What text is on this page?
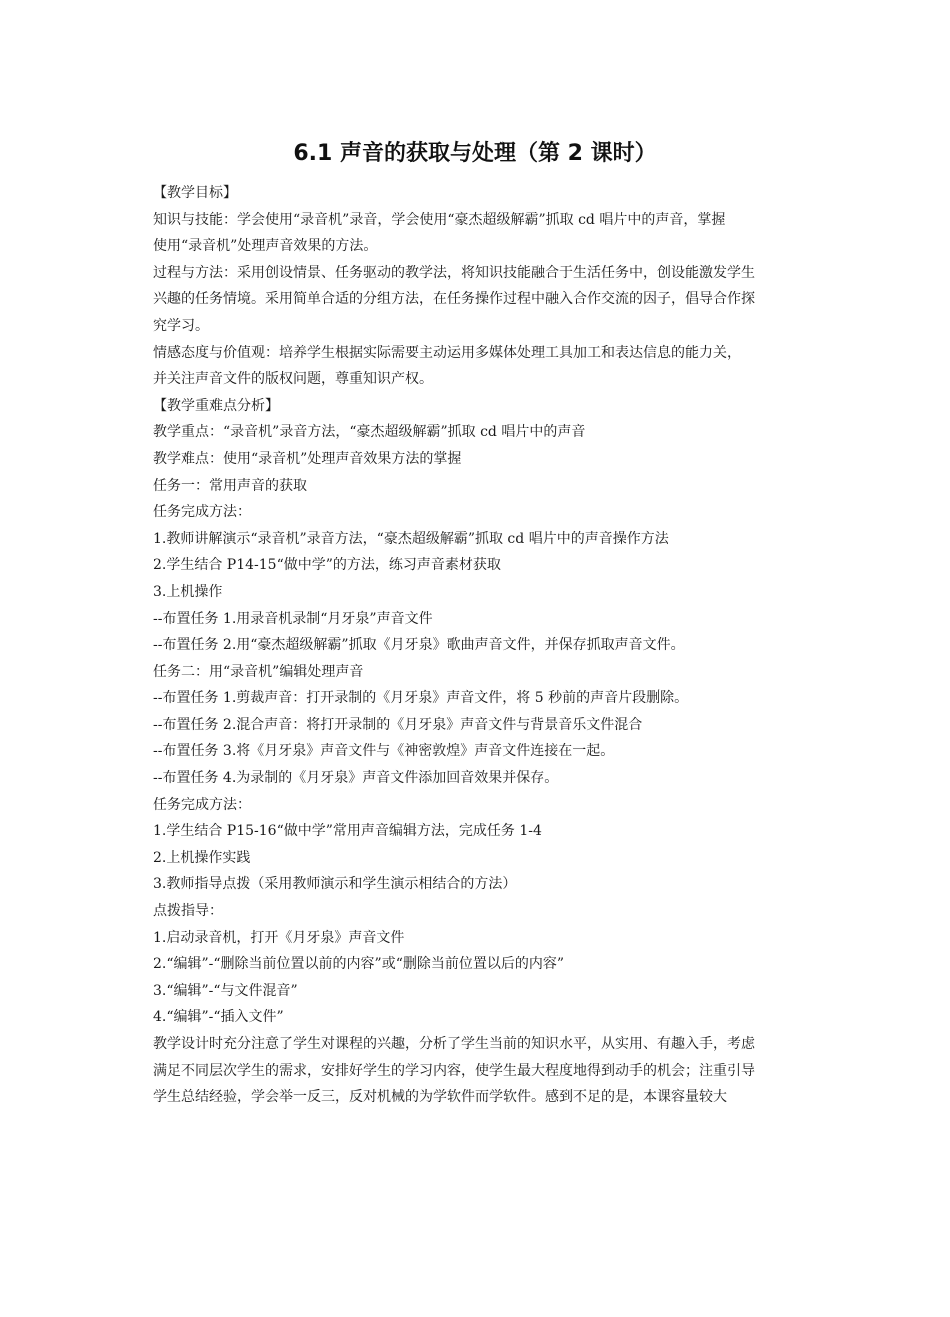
6.1 声音的获取与处理（第 2 课时）
【教学目标】
知识与技能：学会使用“录音机”录音，学会使用“豪杰超级解霸”抓取 cd 唱片中的声音，掌握
使用“录音机”处理声音效果的方法。
过程与方法：采用创设情景、任务驱动的教学法，将知识技能融合于生活任务中，创设能激发学生
兴趣的任务情境。采用简单合适的分组方法，在任务操作过程中融入合作交流的因子，倡导合作探
究学习。
情感态度与价值观：培养学生根据实际需要主动运用多媒体处理工具加工和表达信息的能力关，
并关注声音文件的版权问题，尊重知识产权。
【教学重难点分析】
教学重点：“录音机”录音方法，“豪杰超级解霸”抓取 cd 唱片中的声音
教学难点：使用“录音机”处理声音效果方法的掌握
任务一：常用声音的获取
任务完成方法：
1.教师讲解演示“录音机”录音方法，“豪杰超级解霸”抓取 cd 唱片中的声音操作方法
2.学生结合 P14-15“做中学”的方法，练习声音素材获取
3.上机操作
--布置任务 1.用录音机录制“月牙泉”声音文件
--布置任务 2.用“豪杰超级解霸”抓取《月牙泉》歌曲声音文件，并保存抓取声音文件。
任务二：用“录音机”编辑处理声音
--布置任务 1.剪裁声音：打开录制的《月牙泉》声音文件，将 5 秒前的声音片段删除。
--布置任务 2.混合声音：将打开录制的《月牙泉》声音文件与背景音乐文件混合
--布置任务 3.将《月牙泉》声音文件与《神密敦煌》声音文件连接在一起。
--布置任务 4.为录制的《月牙泉》声音文件添加回音效果并保存。
任务完成方法：
1.学生结合 P15-16“做中学”常用声音编辑方法，完成任务 1-4
2.上机操作实践
3.教师指导点拨（采用教师演示和学生演示相结合的方法）
点拨指导：
1.启动录音机，打开《月牙泉》声音文件
2.“编辑”-“删除当前位置以前的内容”或“删除当前位置以后的内容”
3.“编辑”-“与文件混音”
4.“编辑”-“插入文件”
教学设计时充分注意了学生对课程的兴趣，分析了学生当前的知识水平，从实用、有趣入手，考虑
满足不同层次学生的需求，安排好学生的学习内容，使学生最大程度地得到动手的机会；注重引导
学生总结经验，学会举一反三，反对机械的为学软件而学软件。感到不足的是，本课容量较大
